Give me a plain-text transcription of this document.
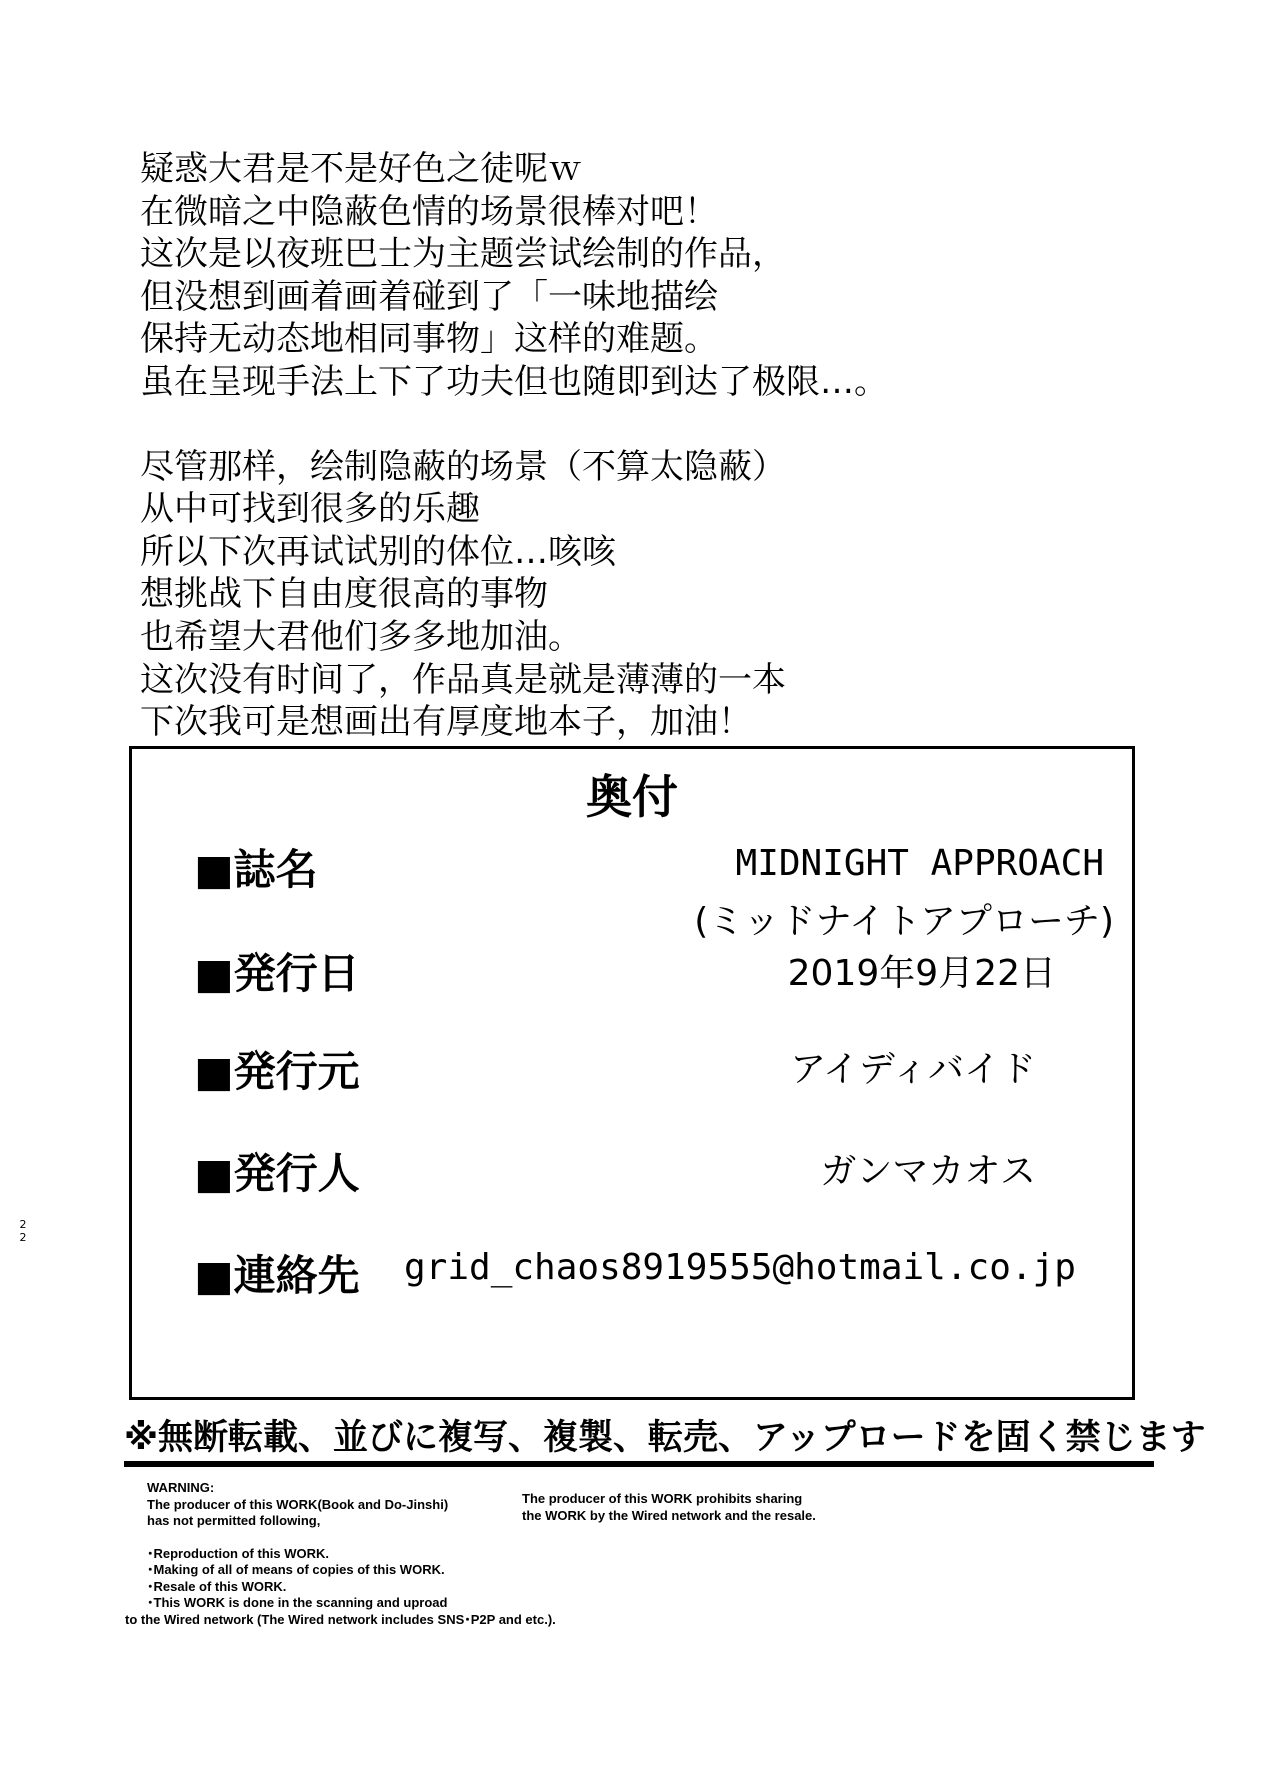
疑惑大君是不是好色之徒呢ｗ
在微暗之中隐蔽色情的场景很棒对吧！
这次是以夜班巴士为主题尝试绘制的作品，
但没想到画着画着碰到了「一味地描绘
保持无动态地相同事物」这样的难题。
虽在呈现手法上下了功夫但也随即到达了极限…。
尽管那样，绘制隐蔽的场景（不算太隐蔽）
从中可找到很多的乐趣
所以下次再试试别的体位…咳咳
想挑战下自由度很高的事物
也希望大君他们多多地加油。
这次没有时间了，作品真是就是薄薄的一本
下次我可是想画出有厚度地本子，加油！
奥付
■誌名	MIDNIGHT APPROACH
(ミッドナイトアプローチ)
■発行日	2019年9月22日
■発行元	アイディバイド
■発行人	ガンマカオス
■連絡先 grid_chaos8919555@hotmail.co.jp
※無断転載、並びに複写、複製、転売、アップロードを固く禁じます
WARNING:
The producer of this WORK(Book and Do-Jinshi)
has not permitted following,
･Reproduction of this WORK.
･Making of all of means of copies of this WORK.
･Resale of this WORK.
･This WORK is done in the scanning and uproad
to the Wired network (The Wired network includes SNS･P2P and etc.).
The producer of this WORK prohibits sharing
the WORK by the Wired network and the resale.
2
2
